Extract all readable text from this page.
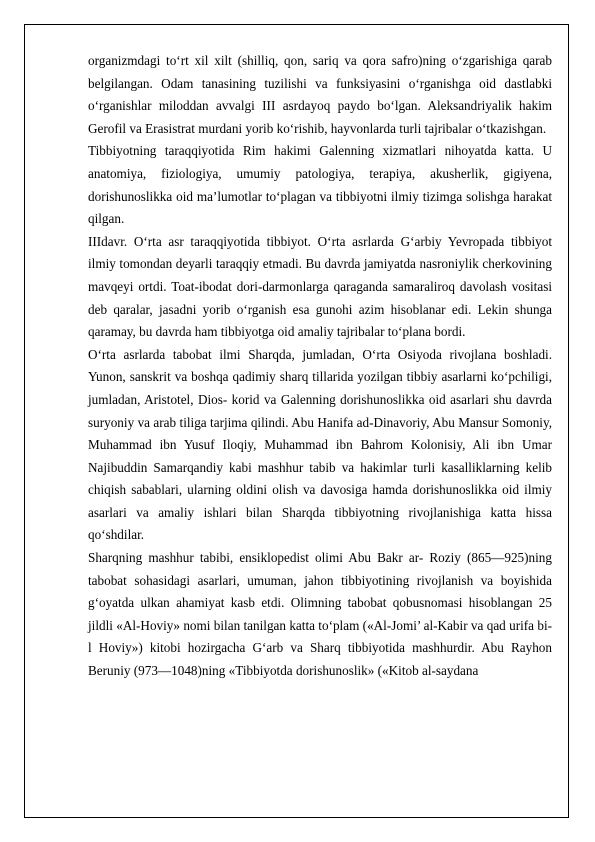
organizmdagi to‘rt xil xilt (shilliq, qon, sariq va qora safro)ning o‘zgarishiga qarab belgilangan. Odam tanasining tuzilishi va funksiyasini o‘rganishga oid dastlabki o‘rganishlar miloddan avvalgi III asrdayoq paydo bo‘lgan. Aleksandriyalik hakim Gerofil va Erasistrat murdani yorib ko‘rishib, hayvonlarda turli tajribalar o‘tkazishgan.

Tibbiyotning taraqqiyotida Rim hakimi Galenning xizmatlari nihoyatda katta. U anatomiya, fiziologiya, umumiy patologiya, terapiya, akusherlik, gigiyena, dorishunoslikka oid ma’lumotlar to‘plagan va tibbiyotni ilmiy tizimga solishga harakat qilgan.

IIIdavr. O‘rta asr taraqqiyotida tibbiyot. O‘rta asrlarda G‘arbiy Yevropada tibbiyot ilmiy tomondan deyarli taraqqiy etmadi. Bu davrda jamiyatda nasroniylik cherkovining mavqeyi ortdi. Toat-ibodat dori-darmonlarga qaraganda samaraliroq davolash vositasi deb qaralar, jasadni yorib o‘rganish esa gunohi azim hisoblanar edi. Lekin shunga qaramay, bu davrda ham tibbiyotga oid amaliy tajribalar to‘plana bordi.

O‘rta asrlarda tabobat ilmi Sharqda, jumladan, O‘rta Osiyoda rivojlana boshladi. Yunon, sanskrit va boshqa qadimiy sharq tillarida yozilgan tibbiy asarlarni ko‘pchiligi, jumladan, Aristotel, Dios- korid va Galenning dorishunoslikka oid asarlari shu davrda suryoniy va arab tiliga tarjima qilindi. Abu Hanifa ad-Dinavoriy, Abu Mansur Somoniy, Muhammad ibn Yusuf Iloqiy, Muhammad ibn Bahrom Kolonisiy, Ali ibn Umar Najibuddin Samarqandiy kabi mashhur tabib va hakimlar turli kasalliklarning kelib chiqish sabablari, ularning oldini olish va davosiga hamda dorishunoslikka oid ilmiy asarlari va amaliy ishlari bilan Sharqda tibbiyotning rivojlanishiga katta hissa qo‘shdilar.

Sharqning mashhur tabibi, ensiklopedist olimi Abu Bakr ar- Roziy (865—925)ning tabobat sohasidagi asarlari, umuman, jahon tibbiyotining rivojlanish va boyishida g‘oyatda ulkan ahamiyat kasb etdi. Olimning tabobat qobusnomasi hisoblangan 25 jildli «Al-Hoviy» nomi bilan tanilgan katta to‘plam («Al-Jomi’ al-Kabir va qad urifa bi-l Hoviy») kitobi hozirgacha G‘arb va Sharq tibbiyotida mashhurdir. Abu Rayhon Beruniy (973—1048)ning «Tibbiyotda dorishunoslik» («Kitob al-saydana
